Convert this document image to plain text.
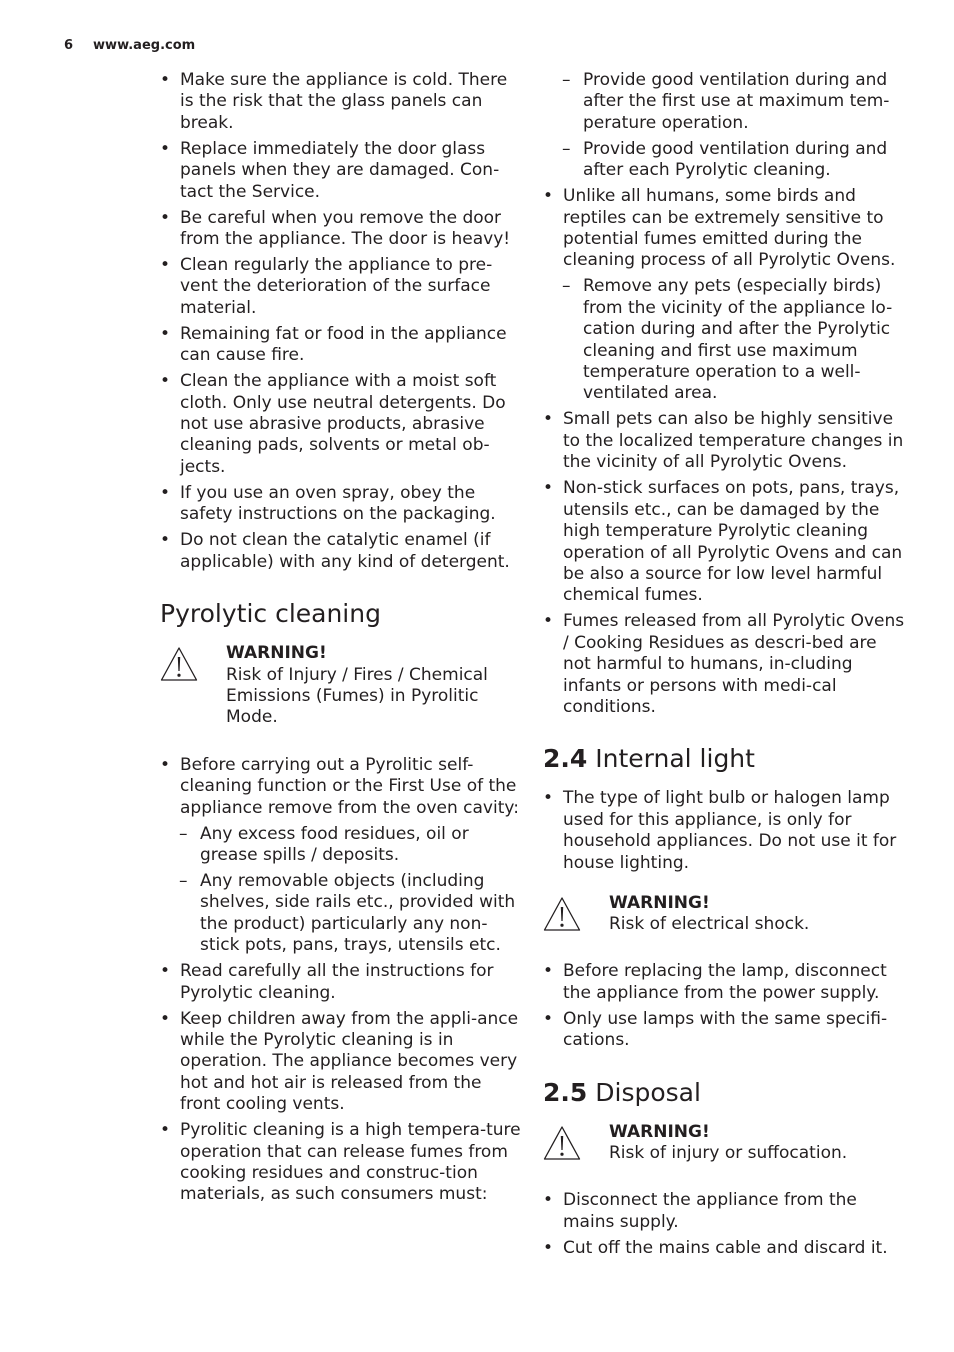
6 www.aeg.com
• Make sure the appliance is cold. There is the risk that the glass panels can break.
• Replace immediately the door glass panels when they are damaged. Con-tact the Service.
• Be careful when you remove the door from the appliance. The door is heavy!
• Clean regularly the appliance to pre-vent the deterioration of the surface material.
• Remaining fat or food in the appliance can cause fire.
• Clean the appliance with a moist soft cloth. Only use neutral detergents. Do not use abrasive products, abrasive cleaning pads, solvents or metal ob-jects.
• If you use an oven spray, obey the safety instructions on the packaging.
• Do not clean the catalytic enamel (if applicable) with any kind of detergent.
Pyrolytic cleaning
WARNING!
Risk of Injury / Fires / Chemical Emissions (Fumes) in Pyrolitic Mode.
• Before carrying out a Pyrolitic self-cleaning function or the First Use of the appliance remove from the oven cavity:
– Any excess food residues, oil or grease spills / deposits.
– Any removable objects (including shelves, side rails etc., provided with the product) particularly any non-stick pots, pans, trays, utensils etc.
• Read carefully all the instructions for Pyrolytic cleaning.
• Keep children away from the appli-ance while the Pyrolytic cleaning is in operation. The appliance becomes very hot and hot air is released from the front cooling vents.
• Pyrolitic cleaning is a high tempera-ture operation that can release fumes from cooking residues and construc-tion materials, as such consumers must:
– Provide good ventilation during and after the first use at maximum tem-perature operation.
– Provide good ventilation during and after each Pyrolytic cleaning.
• Unlike all humans, some birds and reptiles can be extremely sensitive to potential fumes emitted during the cleaning process of all Pyrolytic Ovens.
– Remove any pets (especially birds) from the vicinity of the appliance lo-cation during and after the Pyrolytic cleaning and first use maximum temperature operation to a well-ventilated area.
• Small pets can also be highly sensitive to the localized temperature changes in the vicinity of all Pyrolytic Ovens.
• Non-stick surfaces on pots, pans, trays, utensils etc., can be damaged by the high temperature Pyrolytic cleaning operation of all Pyrolytic Ovens and can be also a source for low level harmful chemical fumes.
• Fumes released from all Pyrolytic Ovens / Cooking Residues as descri-bed are not harmful to humans, in-cluding infants or persons with medi-cal conditions.
2.4 Internal light
• The type of light bulb or halogen lamp used for this appliance, is only for household appliances. Do not use it for house lighting.
WARNING!
Risk of electrical shock.
• Before replacing the lamp, disconnect the appliance from the power supply.
• Only use lamps with the same specifi-cations.
2.5 Disposal
WARNING!
Risk of injury or suffocation.
• Disconnect the appliance from the mains supply.
• Cut off the mains cable and discard it.
